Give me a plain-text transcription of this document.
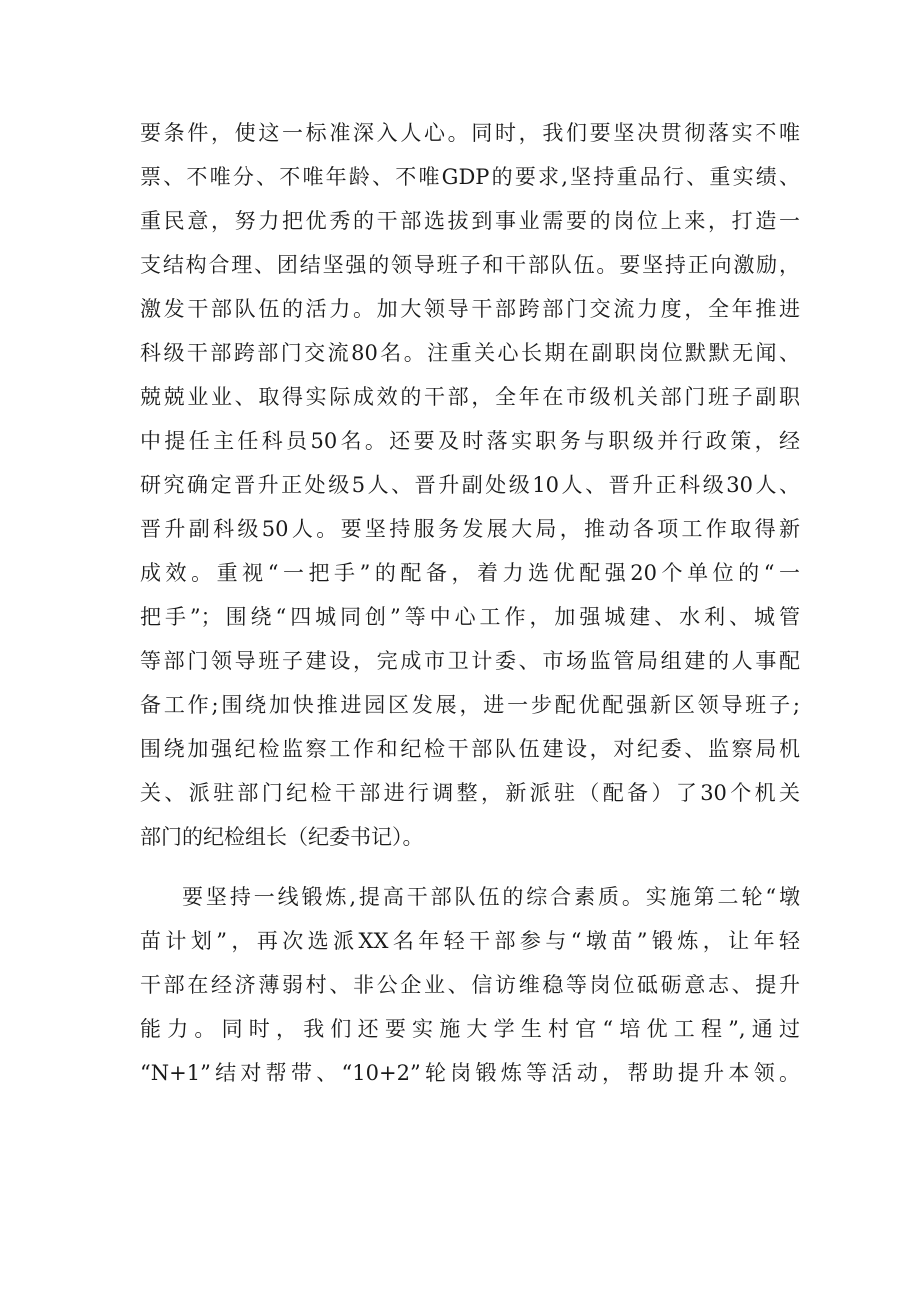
要条件，使这一标准深入人心。同时，我们要坚决贯彻落实不唯
票、不唯分、不唯年龄、不唯GDP的要求,坚持重品行、重实绩、
重民意，努力把优秀的干部选拔到事业需要的岗位上来，打造一
支结构合理、团结坚强的领导班子和干部队伍。要坚持正向激励，
激发干部队伍的活力。加大领导干部跨部门交流力度，全年推进
科级干部跨部门交流80名。注重关心长期在副职岗位默默无闻、
兢兢业业、取得实际成效的干部，全年在市级机关部门班子副职
中提任主任科员50名。还要及时落实职务与职级并行政策，经
研究确定晋升正处级5人、晋升副处级10人、晋升正科级30人、
晋升副科级50人。要坚持服务发展大局，推动各项工作取得新
成效。重视“一把手”的配备，着力选优配强20个单位的“一
把手”；围绕“四城同创”等中心工作，加强城建、水利、城管
等部门领导班子建设，完成市卫计委、市场监管局组建的人事配
备工作;围绕加快推进园区发展，进一步配优配强新区领导班子;
围绕加强纪检监察工作和纪检干部队伍建设，对纪委、监察局机
关、派驻部门纪检干部进行调整，新派驻（配备）了30个机关
部门的纪检组长（纪委书记）。
要坚持一线锻炼,提高干部队伍的综合素质。实施第二轮“墩
苗计划”，再次选派XX名年轻干部参与“墩苗”锻炼，让年轻
干部在经济薄弱村、非公企业、信访维稳等岗位砥砺意志、提升
能力。同时，我们还要实施大学生村官“培优工程”,通过
“N+1”结对帮带、“10+2”轮岗锻炼等活动，帮助提升本领。
